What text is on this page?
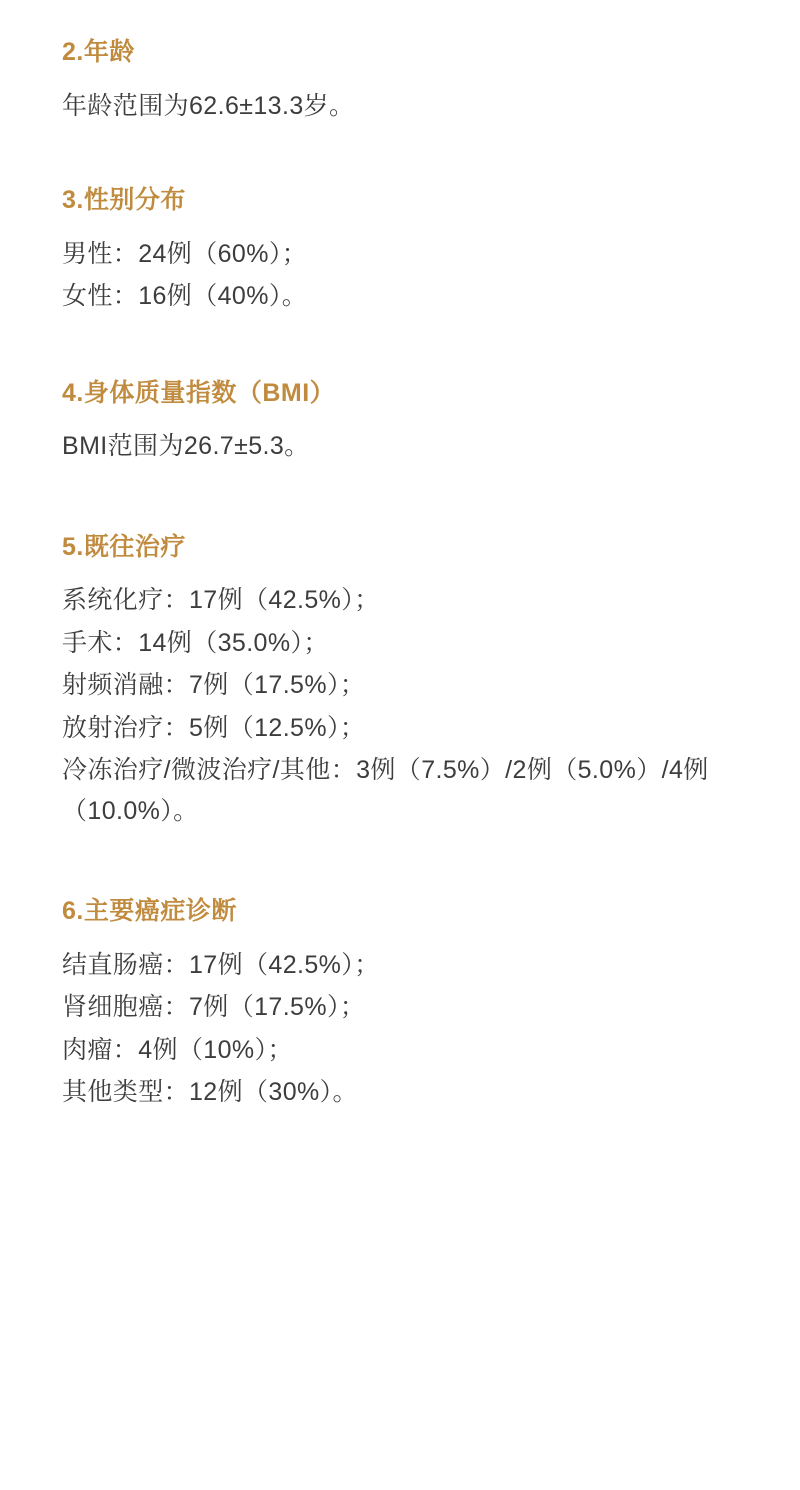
2.年龄

年龄范围为62.6±13.3岁。

3.性别分布

男性：24例（60%）；

女性：16例（40%）。

4.身体质量指数（BMI）

BMI范围为26.7±5.3。

5.既往治疗

系统化疗：17例（42.5%）；

手术：14例（35.0%）；

射频消融：7例（17.5%）；

放射治疗：5例（12.5%）；

冷冻治疗/微波治疗/其他：3例（7.5%）/2例（5.0%）/4例（10.0%）。

6.主要癌症诊断

结直肠癌：17例（42.5%）；

肾细胞癌：7例（17.5%）；

肉瘤：4例（10%）；

其他类型：12例（30%）。
